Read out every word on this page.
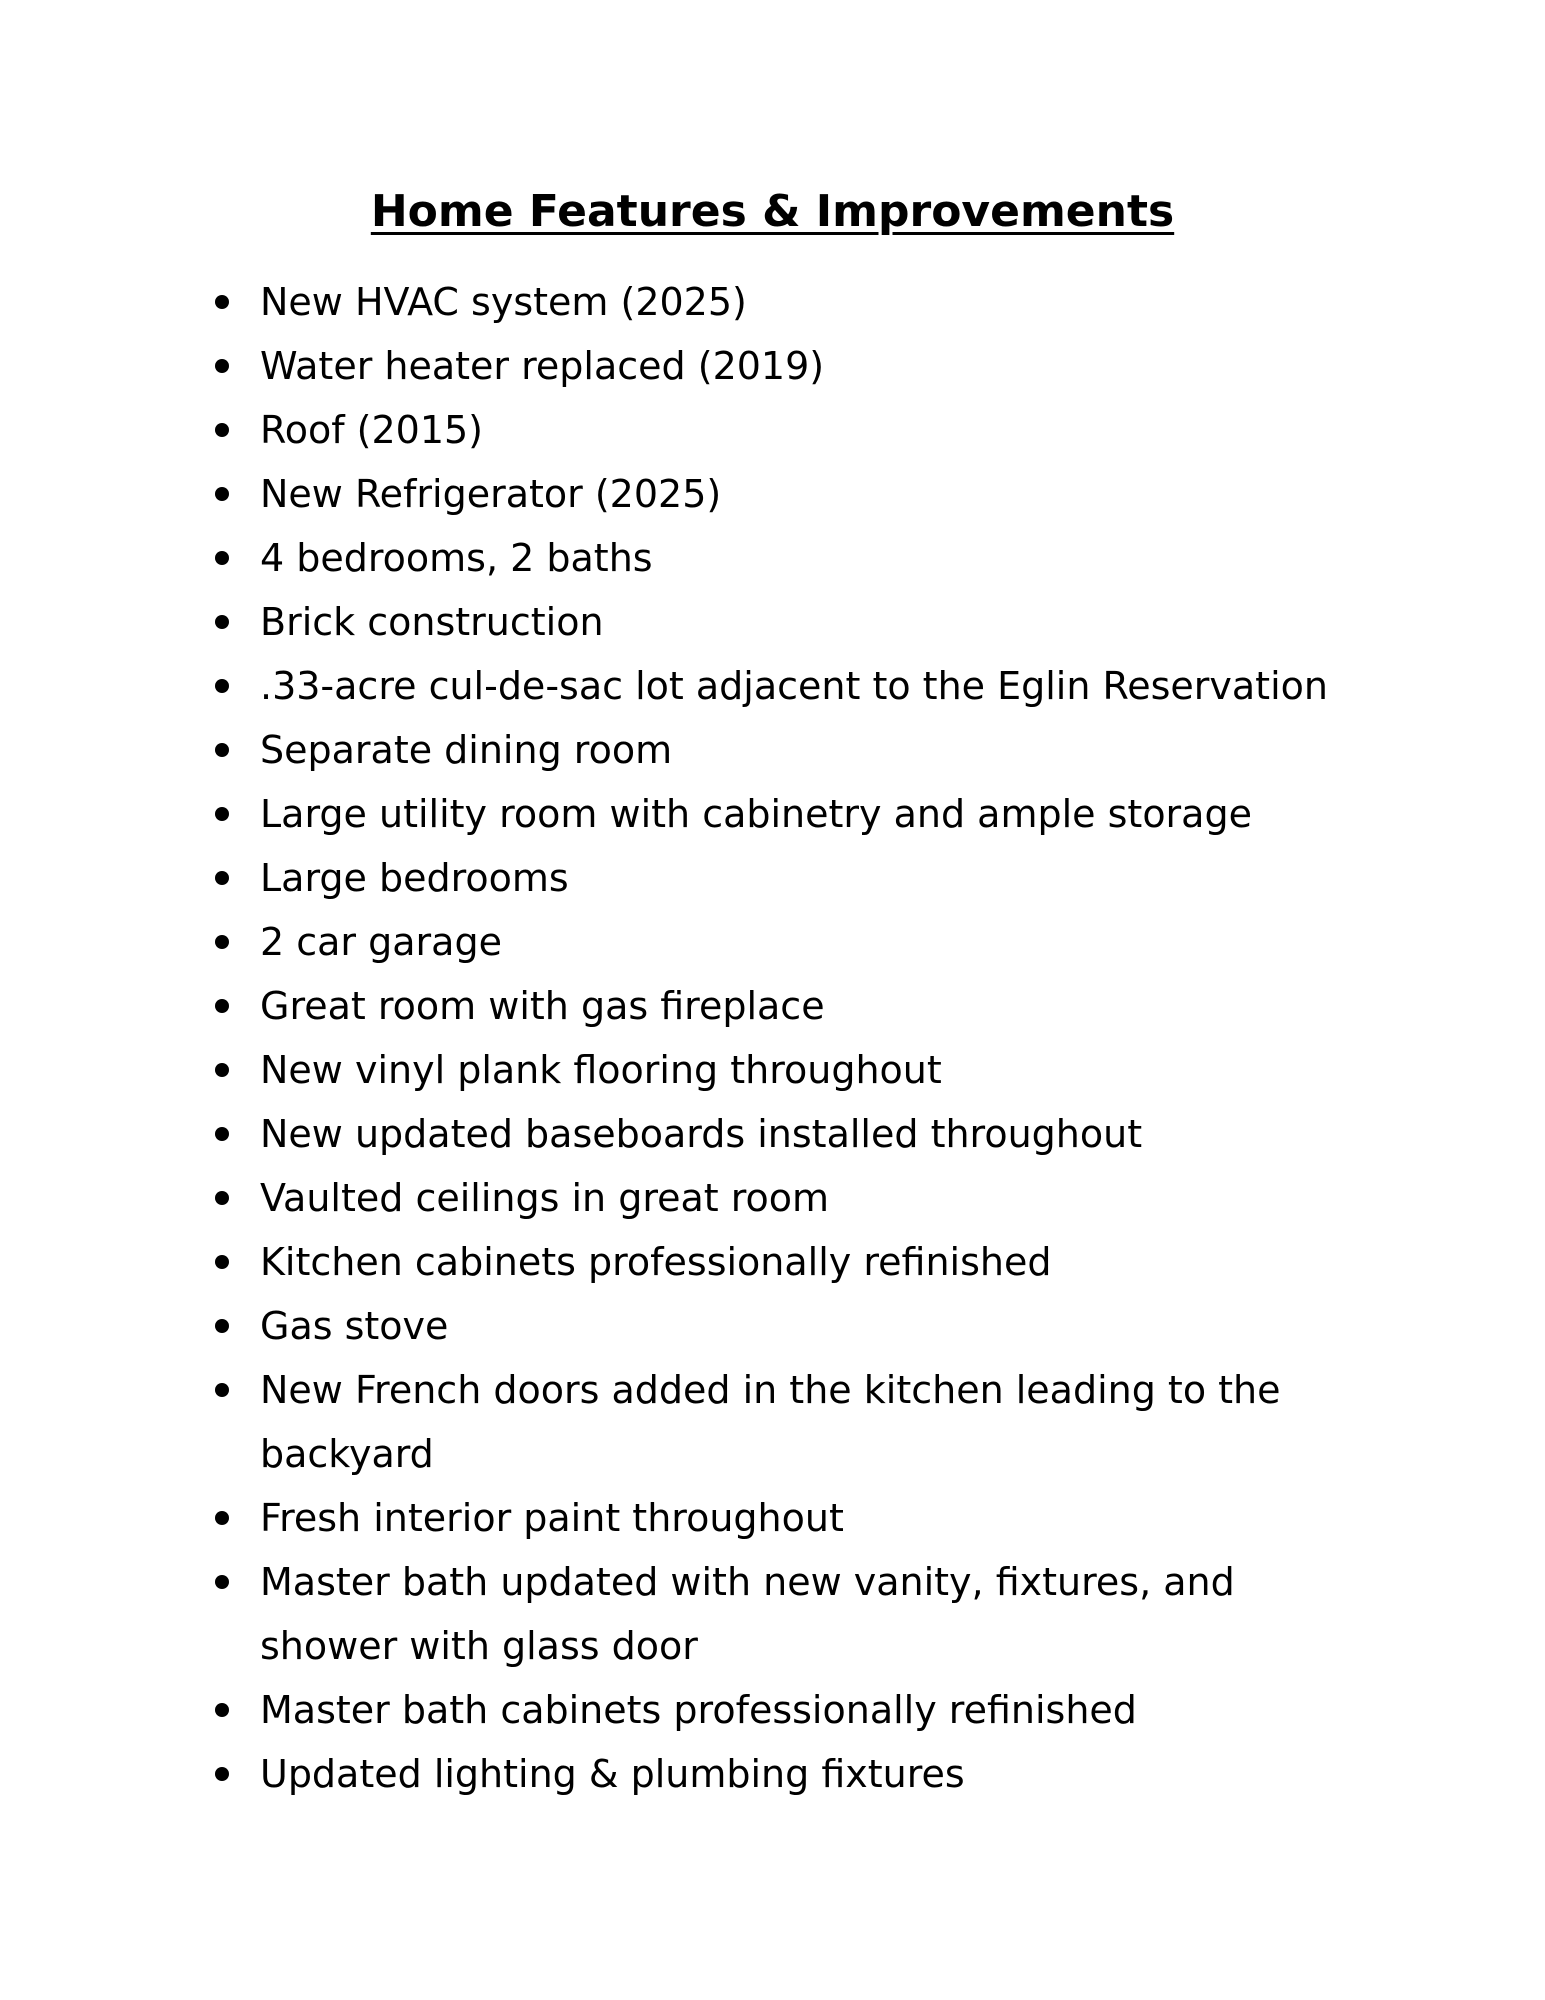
Home Features & Improvements
New HVAC system (2025)
Water heater replaced (2019)
Roof (2015)
New Refrigerator (2025)
4 bedrooms, 2 baths
Brick construction
.33-acre cul-de-sac lot adjacent to the Eglin Reservation
Separate dining room
Large utility room with cabinetry and ample storage
Large bedrooms
2 car garage
Great room with gas fireplace
New vinyl plank flooring throughout
New updated baseboards installed throughout
Vaulted ceilings in great room
Kitchen cabinets professionally refinished
Gas stove
New French doors added in the kitchen leading to the backyard
Fresh interior paint throughout
Master bath updated with new vanity, fixtures, and shower with glass door
Master bath cabinets professionally refinished
Updated lighting & plumbing fixtures
